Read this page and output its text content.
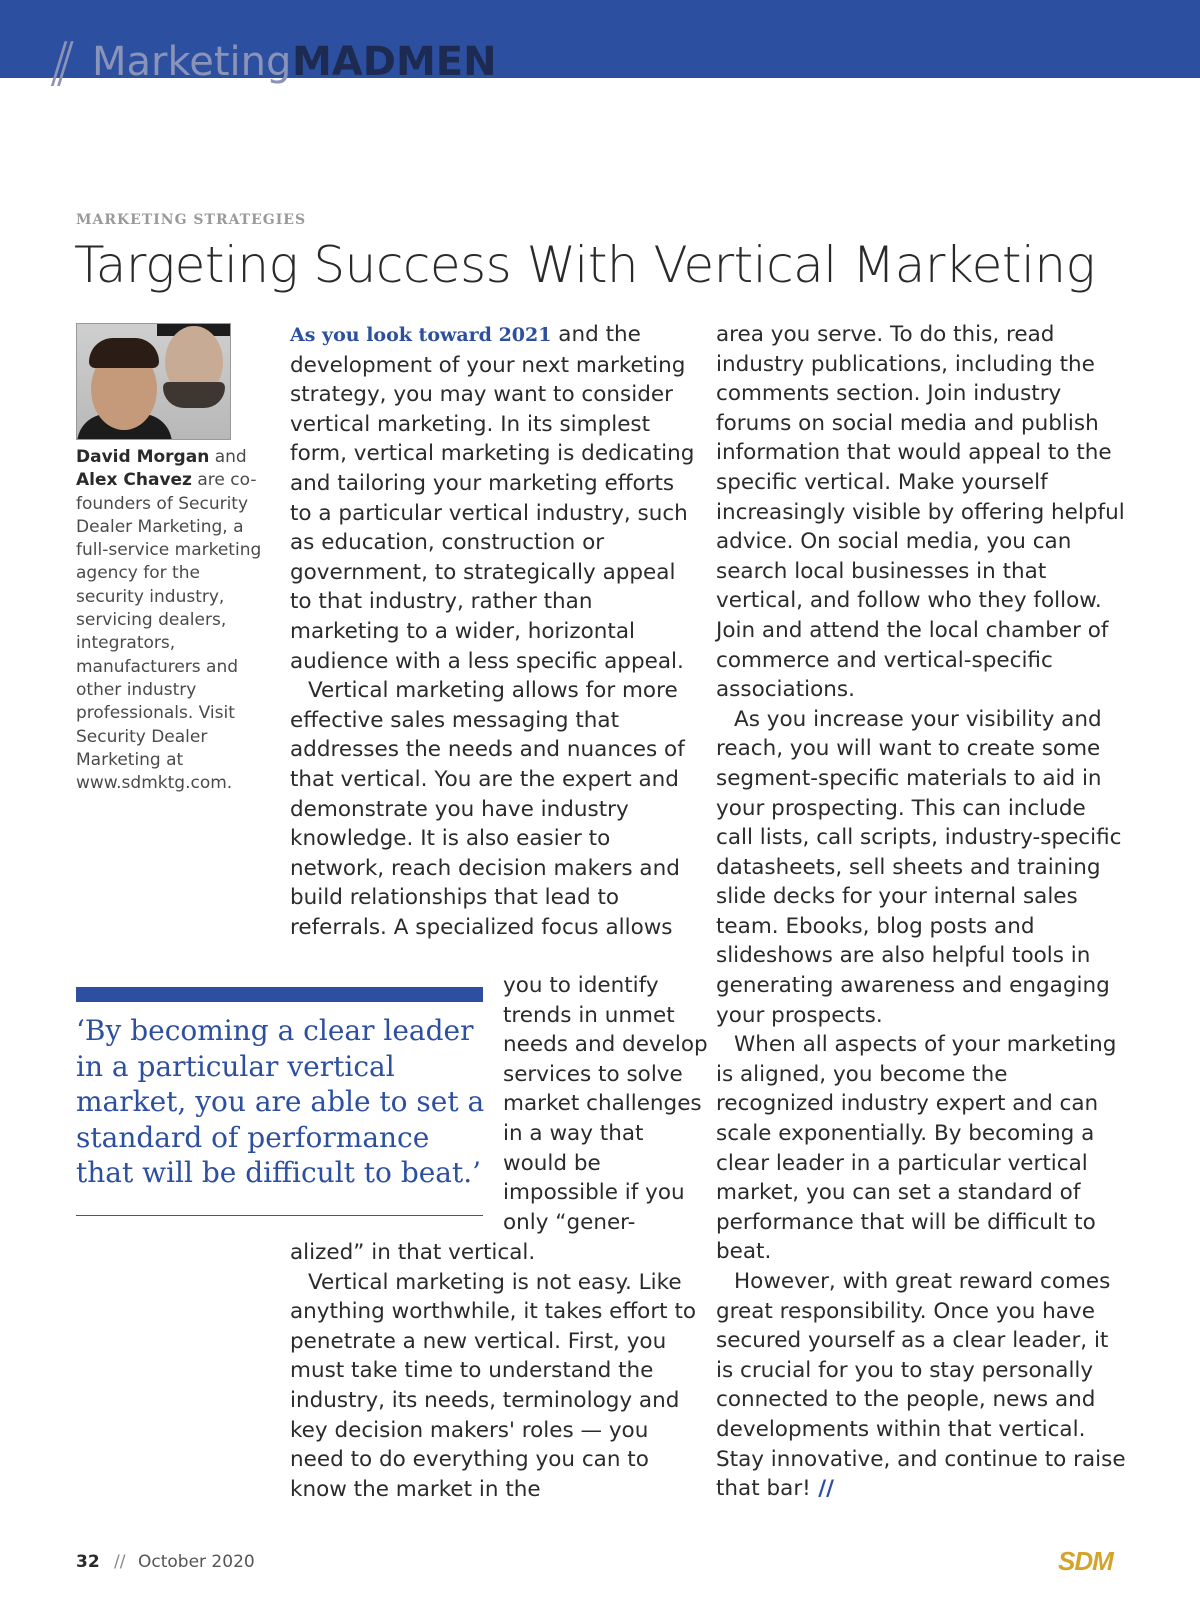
// Marketing MADMEN
MARKETING STRATEGIES
Targeting Success With Vertical Marketing
David Morgan and Alex Chavez are co-founders of Security Dealer Marketing, a full-service marketing agency for the security industry, servicing dealers, integrators, manufacturers and other industry professionals. Visit Security Dealer Marketing at www.sdmktg.com.

As you look toward 2021 and the development of your next marketing strategy, you may want to consider vertical marketing. In its simplest form, vertical marketing is dedicating and tailoring your marketing efforts to a particular vertical industry, such as education, construction or government, to strategically appeal to that industry, rather than marketing to a wider, horizontal audience with a less specific appeal.

Vertical marketing allows for more effective sales messaging that addresses the needs and nuances of that vertical. You are the expert and demonstrate you have industry knowledge. It is also easier to network, reach decision makers and build relationships that lead to referrals. A specialized focus allows

you to identify trends in unmet needs and develop services to solve market challenges in a way that would be impossible if you only “gener-

alized” in that vertical.

Vertical marketing is not easy. Like anything worthwhile, it takes effort to penetrate a new vertical. First, you must take time to understand the industry, its needs, terminology and key decision makers' roles — you need to do everything you can to know the market in the

area you serve. To do this, read industry publications, including the comments section. Join industry forums on social media and publish information that would appeal to the specific vertical. Make yourself increasingly visible by offering helpful advice. On social media, you can search local businesses in that vertical, and follow who they follow. Join and attend the local chamber of commerce and vertical-specific associations.

As you increase your visibility and reach, you will want to create some segment-specific materials to aid in your prospecting. This can include call lists, call scripts, industry-specific datasheets, sell sheets and training slide decks for your internal sales team. Ebooks, blog posts and slideshows are also helpful tools in generating awareness and engaging your prospects.

When all aspects of your marketing is aligned, you become the recognized industry expert and can scale exponentially. By becoming a clear leader in a particular vertical market, you can set a standard of performance that will be difficult to beat.

However, with great reward comes great responsibility. Once you have secured yourself as a clear leader, it is crucial for you to stay personally connected to the people, news and developments within that vertical. Stay innovative, and continue to raise that bar! //

‘By becoming a clear leader in a particular vertical market, you are able to set a standard of performance that will be difficult to beat.’
32 // October 2020	SDM
